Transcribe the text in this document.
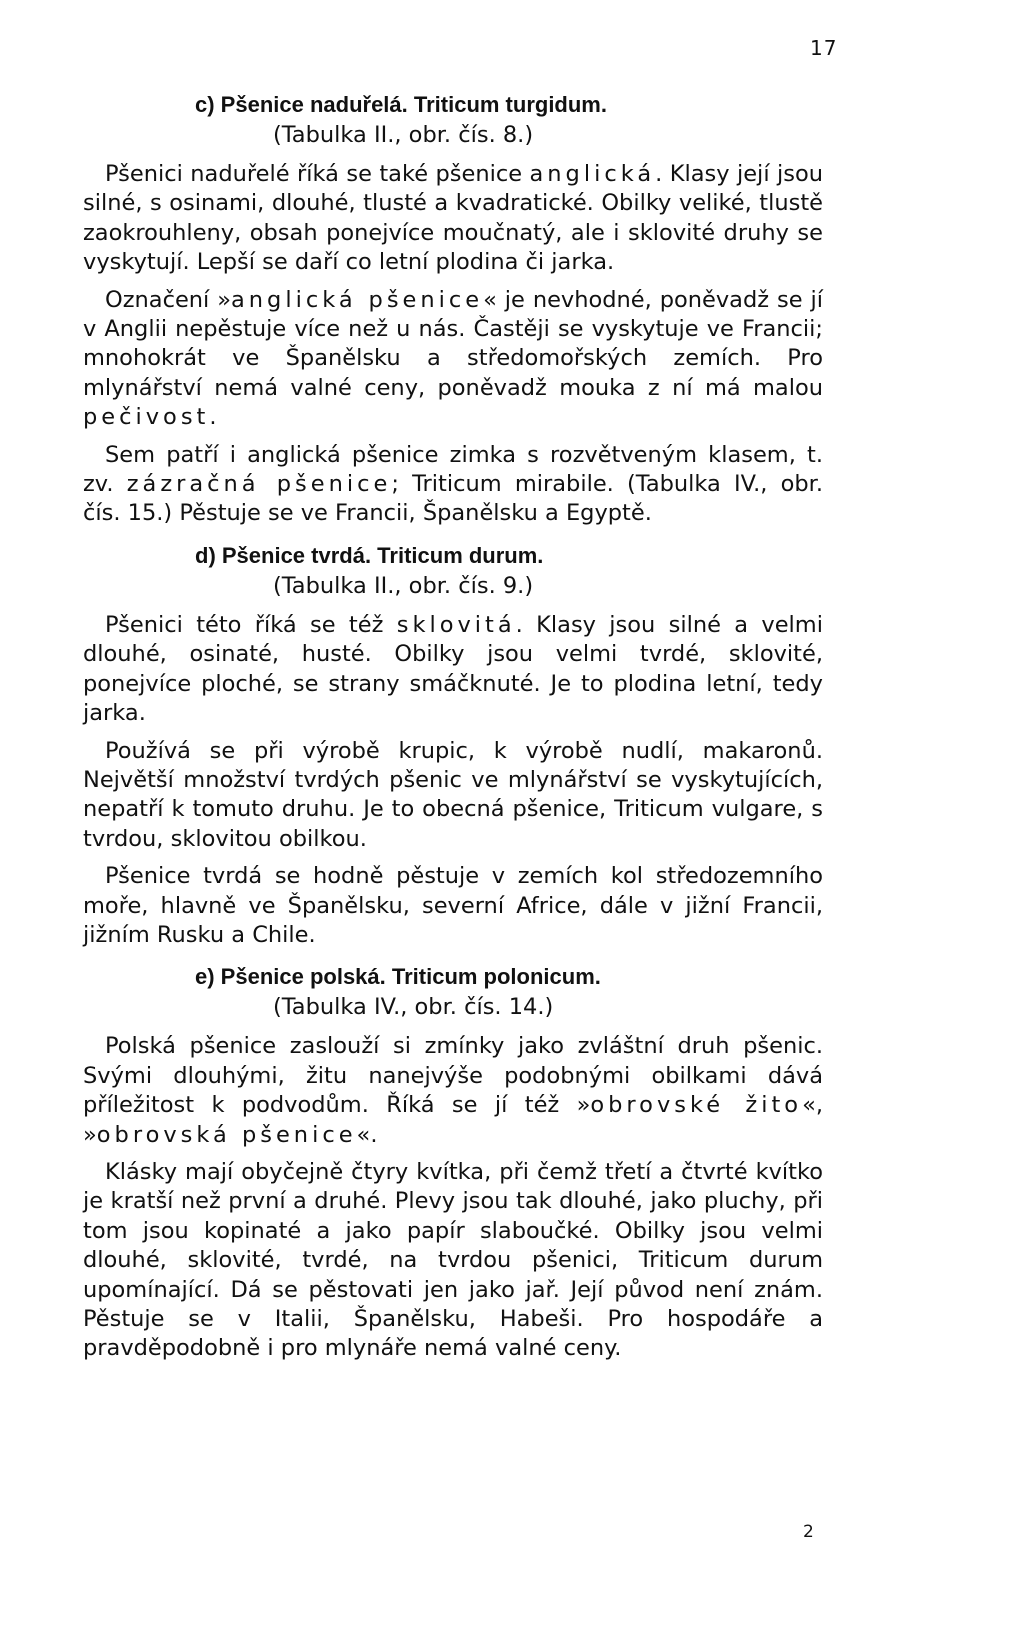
17
c) Pšenice naduřelá. Triticum turgidum.
(Tabulka II., obr. čís. 8.)

Pšenici naduřelé říká se také pšenice anglická. Klasy její jsou silné, s osinami, dlouhé, tlusté a kvadratické. Obilky veliké, tlustě zaokrouhleny, obsah ponejvíce moučnatý, ale i sklovité druhy se vyskytují. Lepší se daří co letní plodina či jarka.

Označení »anglická pšenice« je nevhodné, poněvadž se jí v Anglii nepěstuje více než u nás. Častěji se vyskytuje ve Francii; mnohokrát ve Španělsku a středomořských zemích. Pro mlynářství nemá valné ceny, poněvadž mouka z ní má malou pečivost.

Sem patří i anglická pšenice zimka s rozvětveným klasem, t. zv. zázračná pšenice; Triticum mirabile. (Tabulka IV., obr. čís. 15.) Pěstuje se ve Francii, Španělsku a Egyptě.

d) Pšenice tvrdá. Triticum durum.
(Tabulka II., obr. čís. 9.)

Pšenici této říká se též sklovitá. Klasy jsou silné a velmi dlouhé, osinaté, husté. Obilky jsou velmi tvrdé, sklovité, ponejvíce ploché, se strany smáčknuté. Je to plodina letní, tedy jarka.

Používá se při výrobě krupic, k výrobě nudlí, makaronů. Největší množství tvrdých pšenic ve mlynářství se vyskytujících, nepatří k tomuto druhu. Je to obecná pšenice, Triticum vulgare, s tvrdou, sklovitou obilkou.

Pšenice tvrdá se hodně pěstuje v zemích kol středozemního moře, hlavně ve Španělsku, severní Africe, dále v jižní Francii, jižním Rusku a Chile.

e) Pšenice polská. Triticum polonicum.
(Tabulka IV., obr. čís. 14.)

Polská pšenice zaslouží si zmínky jako zvláštní druh pšenic. Svými dlouhými, žitu nanejvýše podobnými obilkami dává příležitost k podvodům. Říká se jí též »obrovské žito«, »obrovská pšenice«.

Klásky mají obyčejně čtyry kvítka, při čemž třetí a čtvrté kvítko je kratší než první a druhé. Plevy jsou tak dlouhé, jako pluchy, při tom jsou kopinaté a jako papír slaboučké. Obilky jsou velmi dlouhé, sklovité, tvrdé, na tvrdou pšenici, Triticum durum upomínající. Dá se pěstovati jen jako jař. Její původ není znám. Pěstuje se v Italii, Španělsku, Habeši. Pro hospodáře a pravděpodobně i pro mlynáře nemá valné ceny.

2
